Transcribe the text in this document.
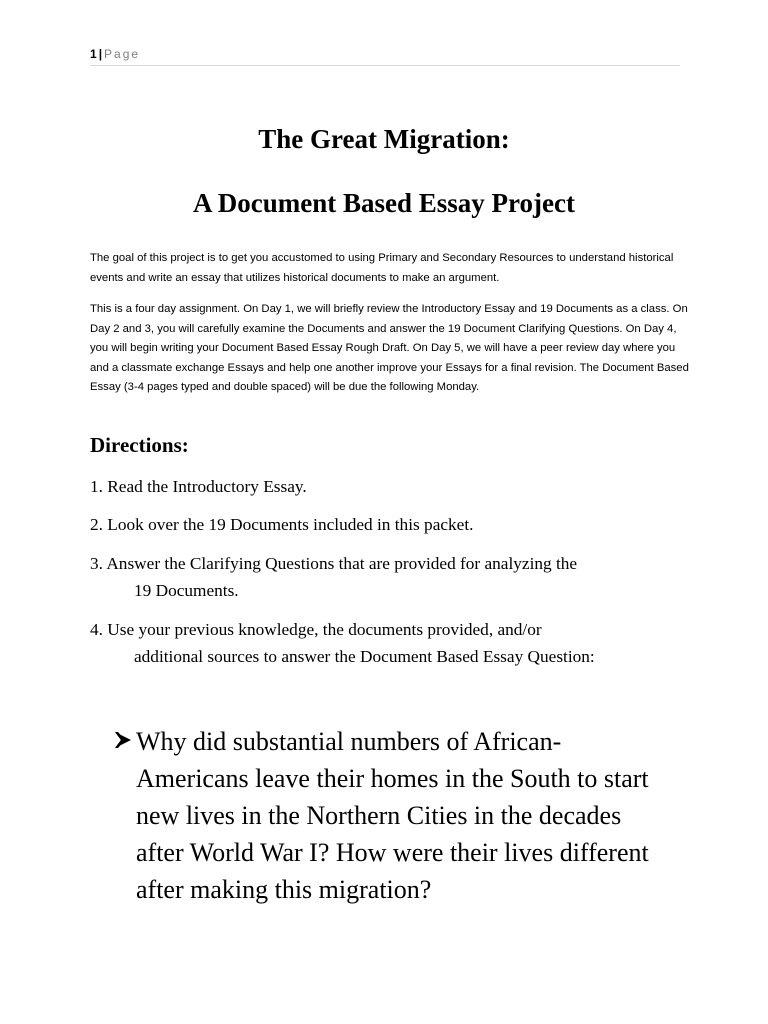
1 | Page
The Great Migration:
A Document Based Essay Project

The goal of this project is to get you accustomed to using Primary and Secondary Resources to understand historical events and write an essay that utilizes historical documents to make an argument.

This is a four day assignment. On Day 1, we will briefly review the Introductory Essay and 19 Documents as a class. On Day 2 and 3, you will carefully examine the Documents and answer the 19 Document Clarifying Questions. On Day 4, you will begin writing your Document Based Essay Rough Draft. On Day 5, we will have a peer review day where you and a classmate exchange Essays and help one another improve your Essays for a final revision. The Document Based Essay (3-4 pages typed and double spaced) will be due the following Monday.

Directions:
1. Read the Introductory Essay.
2. Look over the 19 Documents included in this packet.
3. Answer the Clarifying Questions that are provided for analyzing the
19 Documents.
4. Use your previous knowledge, the documents provided, and/or
additional sources to answer the Document Based Essay Question:

Why did substantial numbers of African-Americans leave their homes in the South to start new lives in the Northern Cities in the decades after World War I? How were their lives different after making this migration?
